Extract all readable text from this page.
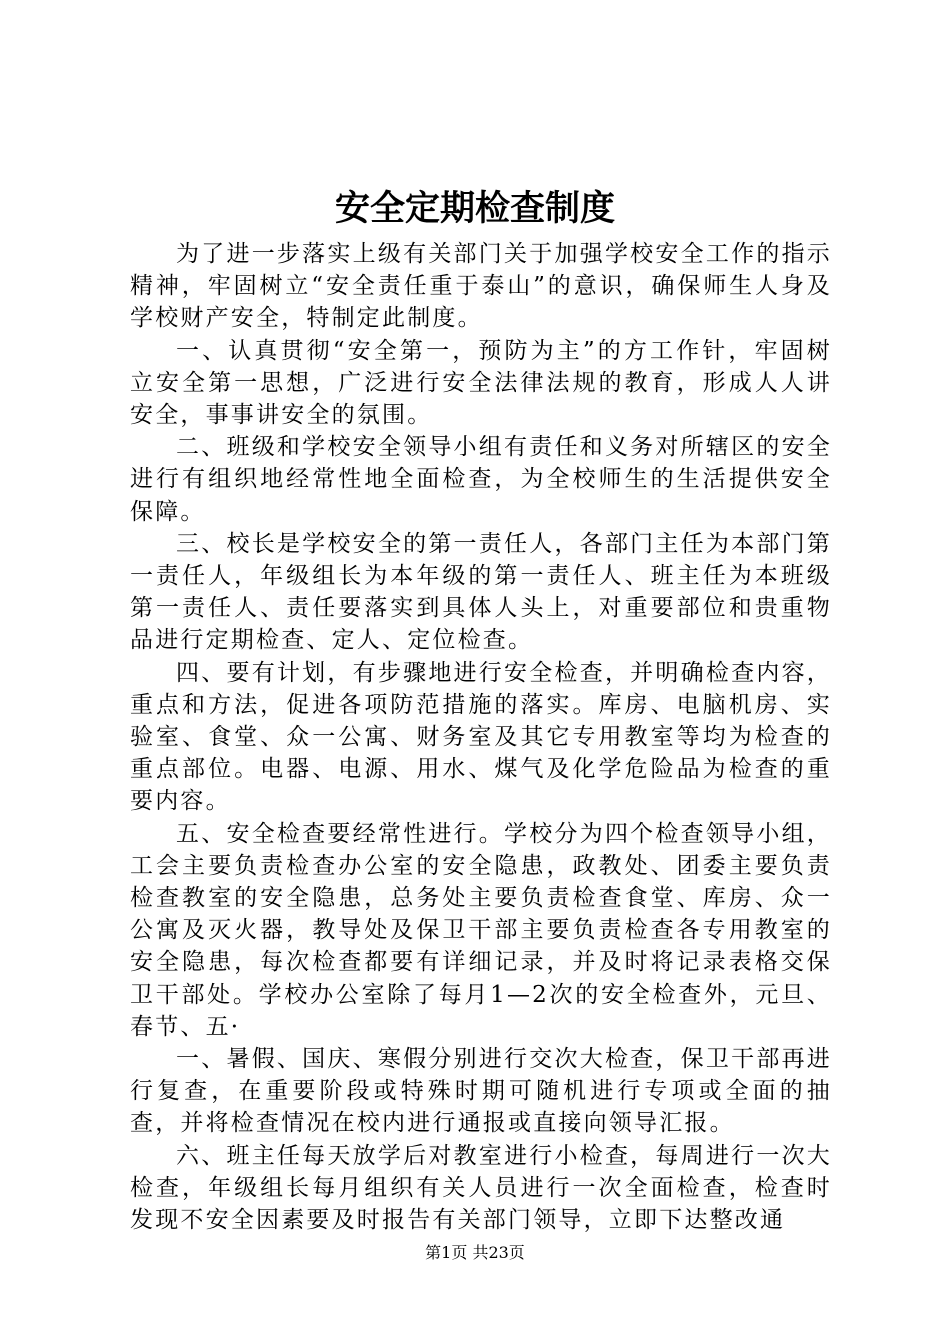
安全定期检查制度

为了进一步落实上级有关部门关于加强学校安全工作的指示精神，牢固树立“安全责任重于泰山”的意识，确保师生人身及学校财产安全，特制定此制度。

一、认真贯彻“安全第一，预防为主”的方工作针，牢固树立安全第一思想，广泛进行安全法律法规的教育，形成人人讲安全，事事讲安全的氛围。

二、班级和学校安全领导小组有责任和义务对所辖区的安全进行有组织地经常性地全面检查，为全校师生的生活提供安全保障。

三、校长是学校安全的第一责任人，各部门主任为本部门第一责任人，年级组长为本年级的第一责任人、班主任为本班级第一责任人、责任要落实到具体人头上，对重要部位和贵重物品进行定期检查、定人、定位检查。

四、要有计划，有步骤地进行安全检查，并明确检查内容，重点和方法，促进各项防范措施的落实。库房、电脑机房、实验室、食堂、众一公寓、财务室及其它专用教室等均为检查的重点部位。电器、电源、用水、煤气及化学危险品为检查的重要内容。

五、安全检查要经常性进行。学校分为四个检查领导小组，工会主要负责检查办公室的安全隐患，政教处、团委主要负责检查教室的安全隐患，总务处主要负责检查食堂、库房、众一公寓及灭火器，教导处及保卫干部主要负责检查各专用教室的安全隐患，每次检查都要有详细记录，并及时将记录表格交保卫干部处。学校办公室除了每月1—2次的安全检查外，元旦、春节、五·

一、暑假、国庆、寒假分别进行交次大检查，保卫干部再进行复查，在重要阶段或特殊时期可随机进行专项或全面的抽查，并将检查情况在校内进行通报或直接向领导汇报。

六、班主任每天放学后对教室进行小检查，每周进行一次大检查，年级组长每月组织有关人员进行一次全面检查，检查时发现不安全因素要及时报告有关部门领导，立即下达整改通

第1页 共23页
